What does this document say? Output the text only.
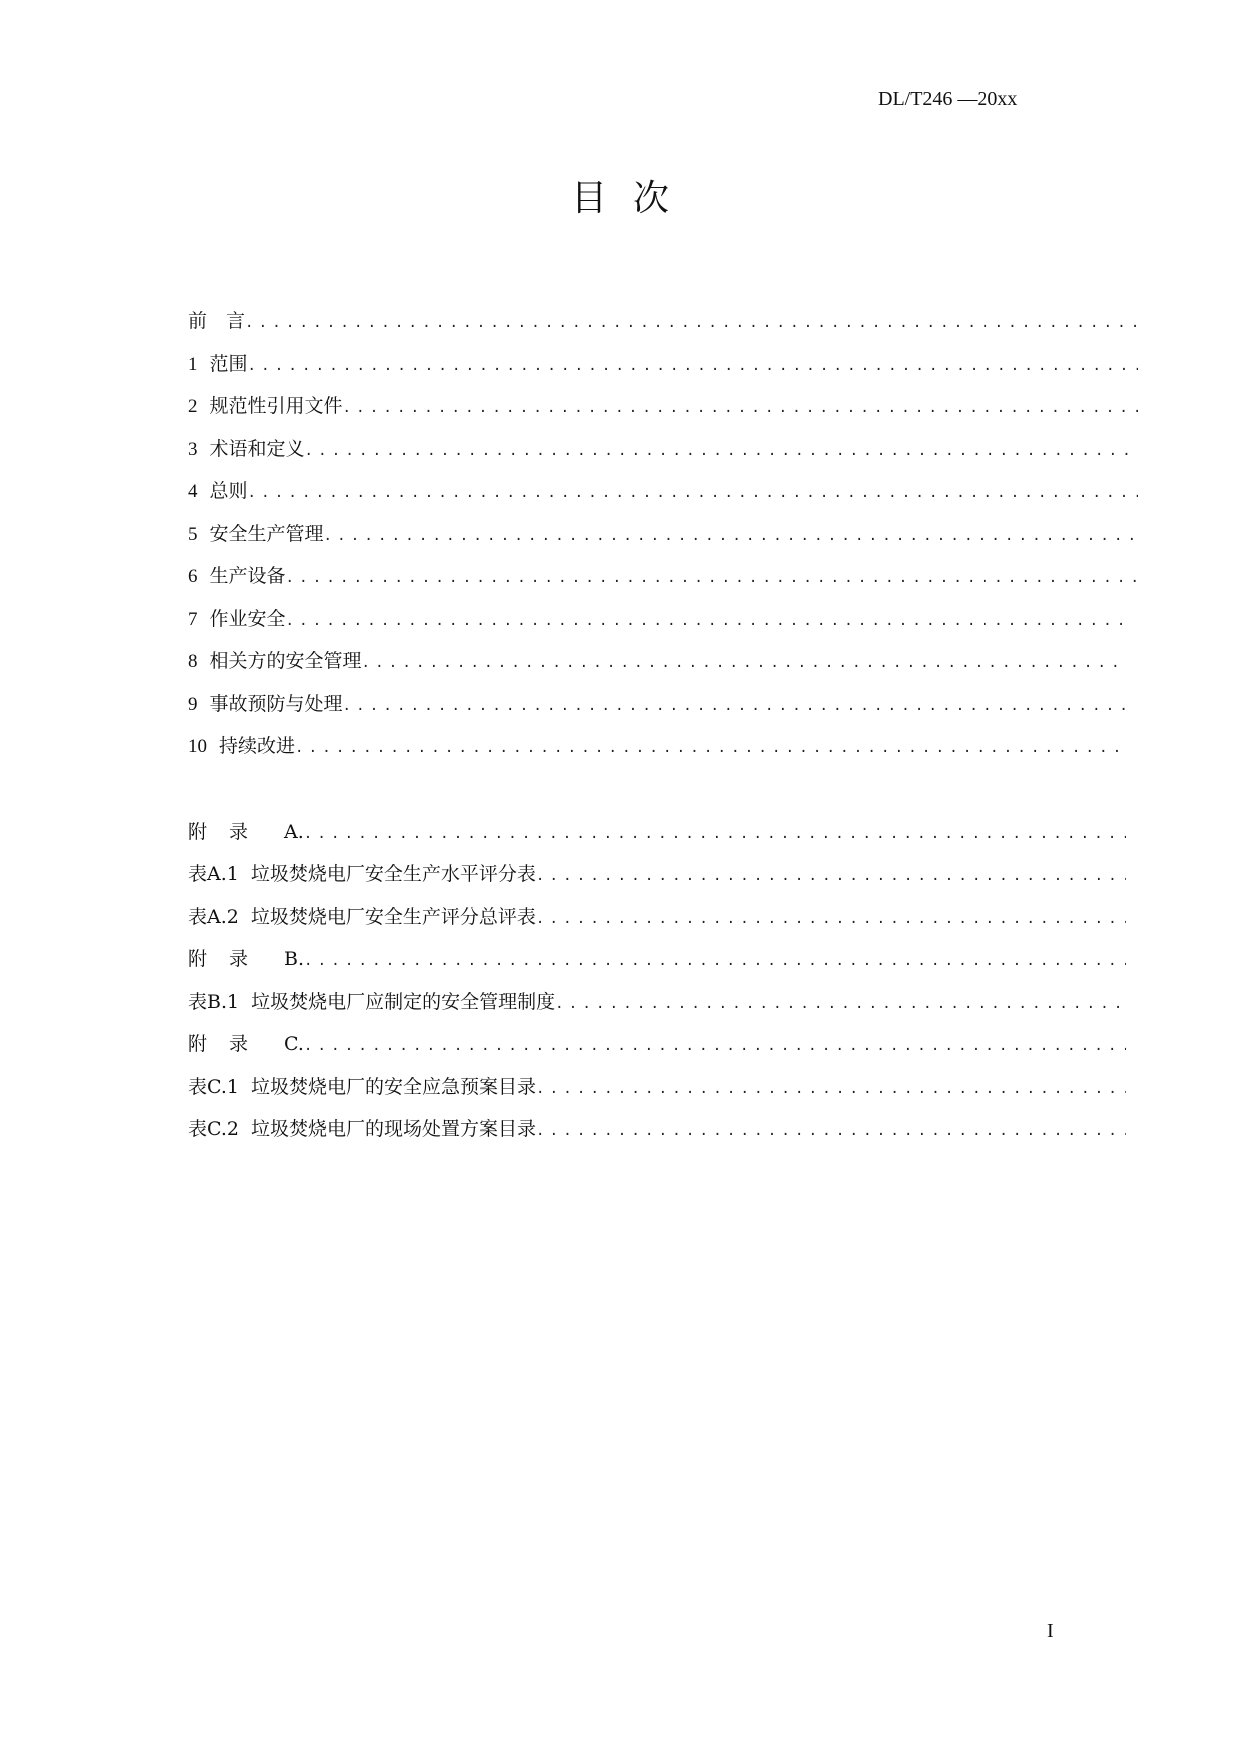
DL/T246 —20xx
目次
前　言
.....
1 范围
.....
2 规范性引用文件
.....
3 术语和定义
.....
4 总则
.....
5 安全生产管理
.....
6 生产设备
.....
7 作业安全
.....
8 相关方的安全管理
.....
9 事故预防与处理
.....
10 持续改进
.....
附录 A.
.....
表A.1 垃圾焚烧电厂安全生产水平评分表
.....
表A.2 垃圾焚烧电厂安全生产评分总评表
.....
附录 B.
.....
表B.1 垃圾焚烧电厂应制定的安全管理制度
.....
附录 C.
.....
表C.1 垃圾焚烧电厂的安全应急预案目录
.....
表C.2 垃圾焚烧电厂的现场处置方案目录
.....
I
